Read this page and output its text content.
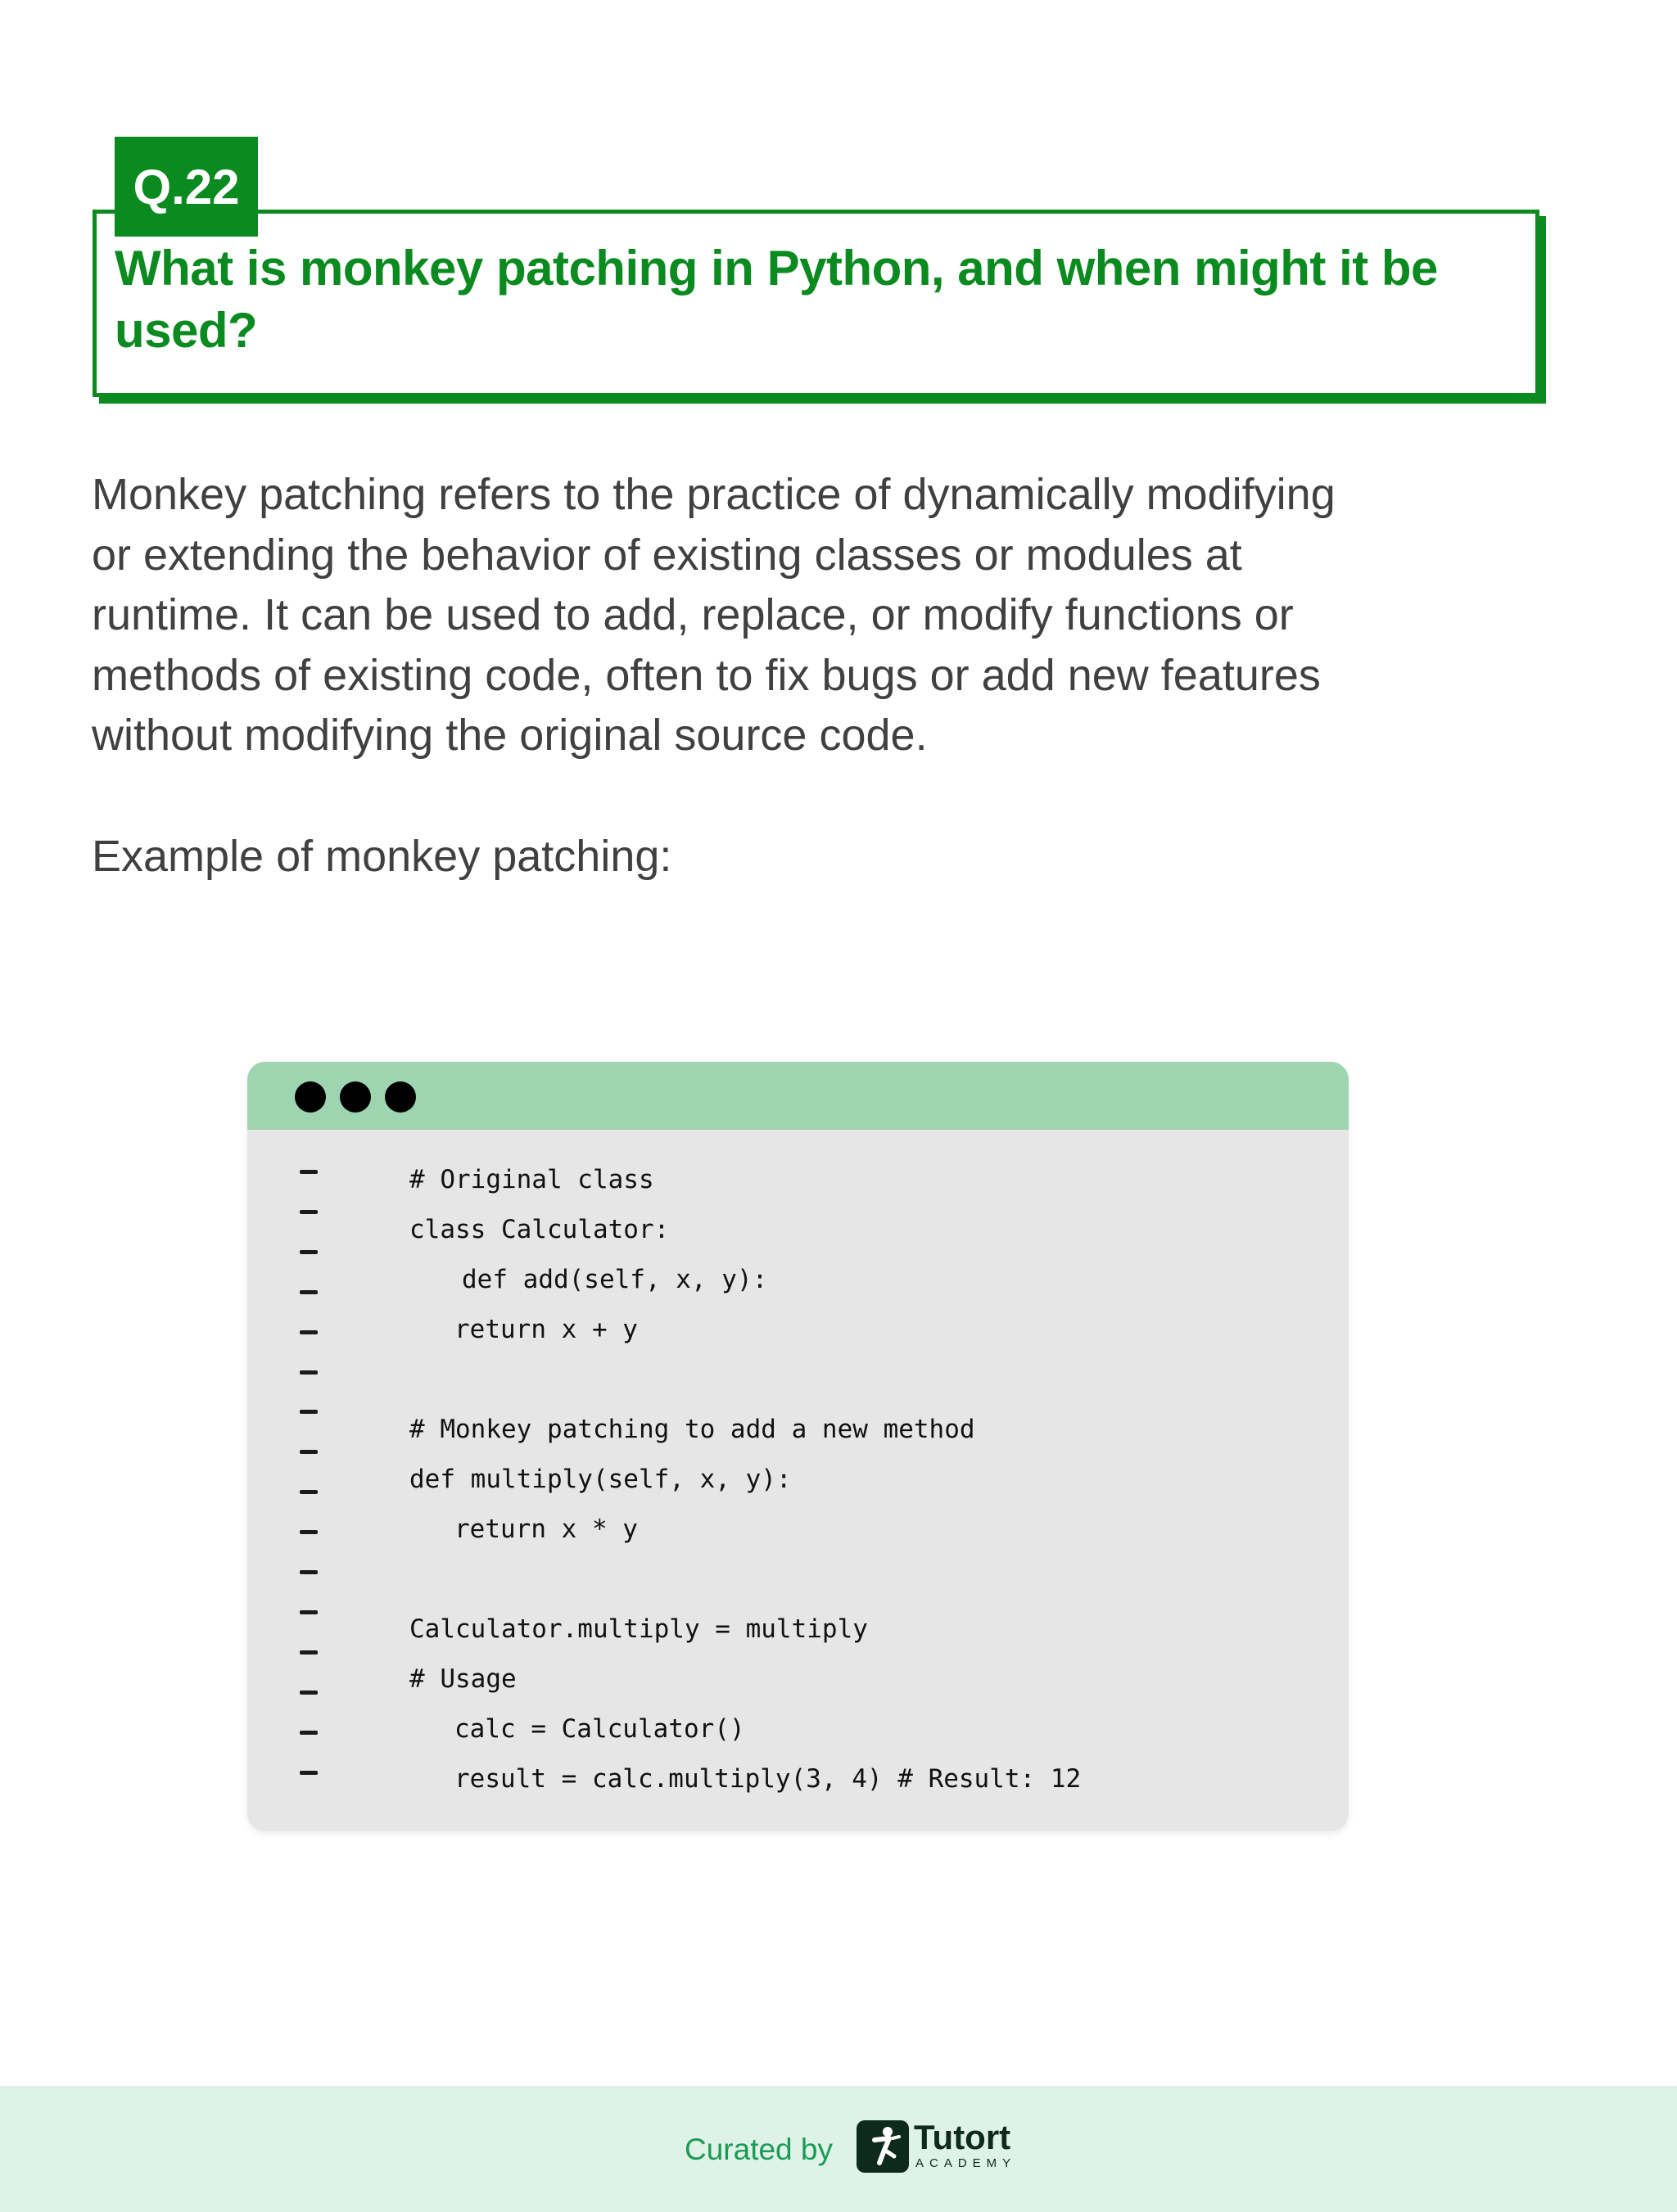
Q.22
What is monkey patching in Python, and when might it be used?
Monkey patching refers to the practice of dynamically modifying
or extending the behavior of existing classes or modules at
runtime. It can be used to add, replace, or modify functions or
methods of existing code, often to fix bugs or add new features
without modifying the original source code.

Example of monkey patching:

# Original class
class Calculator:
def add(self, x, y):
return x + y
# Monkey patching to add a new method
def multiply(self, x, y):
return x * y
Calculator.multiply = multiply
# Usage
calc = Calculator()
result = calc.multiply(3, 4) # Result: 12

Curated by Tutort

ACADEMY
